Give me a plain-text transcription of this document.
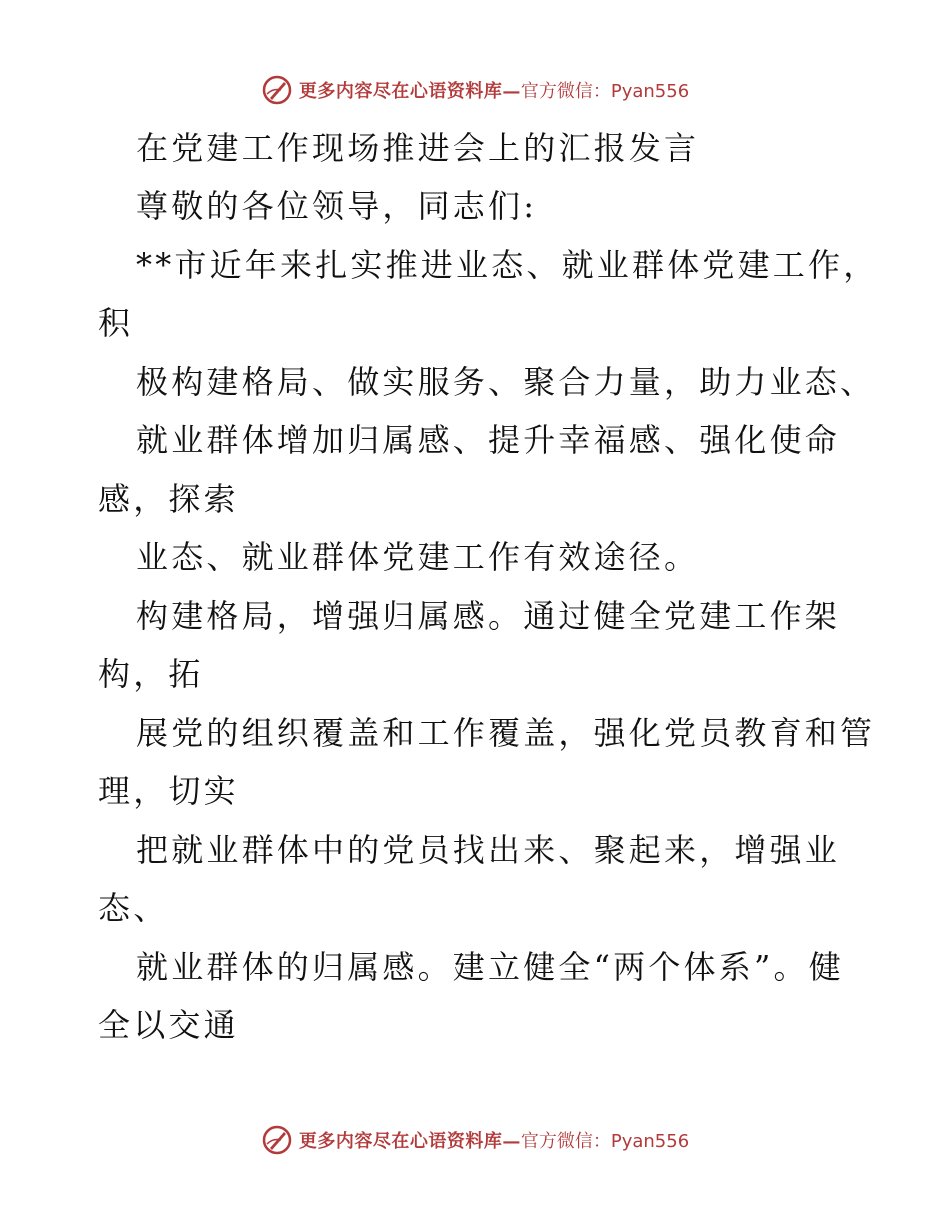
更多内容尽在心语资料库— 官方微信：Pyan556
在党建工作现场推进会上的汇报发言
尊敬的各位领导，同志们:
**市近年来扎实推进业态、就业群体党建工作，
积
极构建格局、做实服务、聚合力量，助力业态、
就业群体增加归属感、提升幸福感、强化使命
感，探索
业态、就业群体党建工作有效途径。
构建格局，增强归属感。通过健全党建工作架
构，拓
展党的组织覆盖和工作覆盖，强化党员教育和管
理，切实
把就业群体中的党员找出来、聚起来，增强业
态、
就业群体的归属感。建立健全“两个体系”。健
全以交通
更多内容尽在心语资料库— 官方微信：Pyan556
